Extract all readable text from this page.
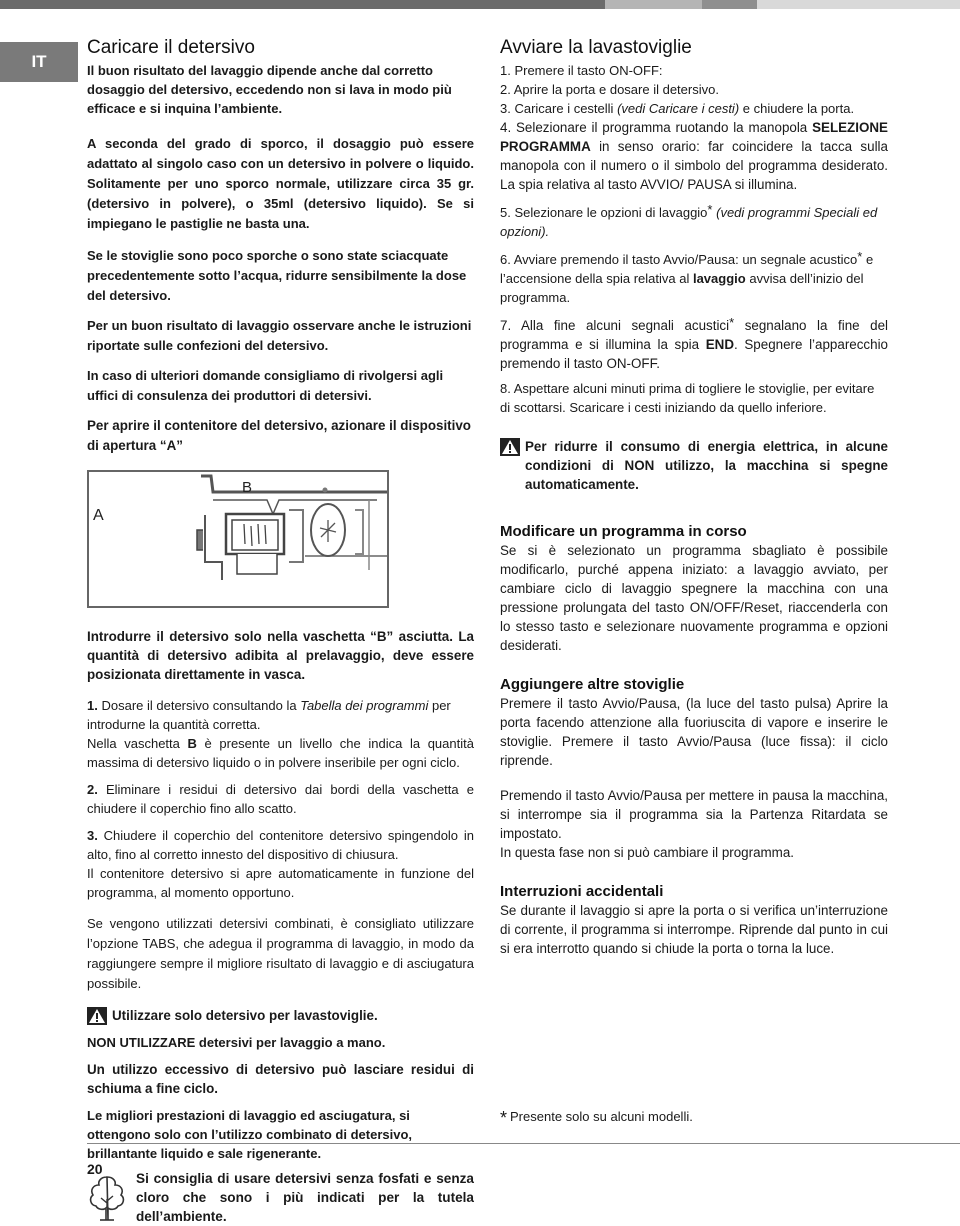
IT
Caricare il detersivo

Il buon risultato del lavaggio dipende anche dal corretto dosaggio del detersivo, eccedendo non si lava in modo più efficace e si inquina l’ambiente.

A seconda del grado di sporco, il dosaggio può essere adattato al singolo caso con un detersivo in polvere o liquido. Solitamente per uno sporco normale, utilizzare circa 35 gr. (detersivo in polvere), o 35ml (detersivo liquido). Se si impiegano le pastiglie ne basta una.

Se le stoviglie sono poco sporche o sono state sciacquate precedentemente sotto l’acqua, ridurre sensibilmente la dose del detersivo.

Per un buon risultato di lavaggio osservare anche le istruzioni riportate sulle confezioni del detersivo.

In caso di ulteriori domande consigliamo di rivolgersi agli uffici di consulenza dei produttori di detersivi.

Per aprire il contenitore del detersivo, azionare il dispositivo di apertura “A”

A
B

Introdurre il detersivo solo nella vaschetta “B” asciutta. La quantità di detersivo adibita al prelavaggio, deve essere posizionata direttamente in vasca.

1. Dosare il detersivo consultando la Tabella dei programmi per introdurne la quantità corretta.

Nella vaschetta B è presente un livello che indica la quantità massima di detersivo liquido o in polvere inseribile per ogni ciclo.

2. Eliminare i residui di detersivo dai bordi della vaschetta e chiudere il coperchio fino allo scatto.

3. Chiudere il coperchio del contenitore detersivo spingendolo in alto, fino al corretto innesto del dispositivo di chiusura.

Il contenitore detersivo si apre automaticamente in funzione del programma, al momento opportuno.

Se vengono utilizzati detersivi combinati, è consigliato utilizzare l’opzione TABS, che adegua il programma di lavaggio, in modo da raggiungere sempre il migliore risultato di lavaggio e di asciugatura possibile.

Utilizzare solo detersivo per lavastoviglie.

NON UTILIZZARE detersivi per lavaggio a mano.

Un utilizzo eccessivo di detersivo può lasciare residui di schiuma a fine ciclo.

Le migliori prestazioni di lavaggio ed asciugatura, si ottengono solo con l’utilizzo combinato di detersivo, brillantante liquido e sale rigenerante.

Si consiglia di usare detersivi senza fosfati e senza cloro che sono i più indicati per la tutela dell’ambiente.

Avviare la lavastoviglie

1. Premere il tasto ON-OFF:

2. Aprire la porta e dosare il detersivo.

3. Caricare i cestelli (vedi Caricare i cesti) e chiudere la porta.

4. Selezionare il programma ruotando la manopola SELEZIONE PROGRAMMA in senso orario: far coincidere la tacca sulla manopola con il numero o il simbolo del programma desiderato. La spia relativa al tasto AVVIO/ PAUSA si illumina.

5. Selezionare le opzioni di lavaggio* (vedi programmi Speciali ed opzioni).

6. Avviare premendo il tasto Avvio/Pausa: un segnale acustico* e l’accensione della spia relativa al lavaggio avvisa dell’inizio del programma.

7. Alla fine alcuni segnali acustici* segnalano la fine del programma e si illumina la spia END. Spegnere l’apparecchio premendo il tasto ON-OFF.

8. Aspettare alcuni minuti prima di togliere le stoviglie, per evitare di scottarsi. Scaricare i cesti iniziando da quello inferiore.

Per ridurre il consumo di energia elettrica, in alcune condizioni di NON utilizzo, la macchina si spegne automaticamente.

Modificare un programma in corso

Se si è selezionato un programma sbagliato è possibile modificarlo, purché appena iniziato: a lavaggio avviato, per cambiare ciclo di lavaggio spegnere la macchina con una pressione prolungata del tasto ON/OFF/Reset, riaccenderla con lo stesso tasto e selezionare nuovamente programma e opzioni desiderati.

Aggiungere altre stoviglie

Premere il tasto Avvio/Pausa, (la luce del tasto pulsa) Aprire la porta facendo attenzione alla fuoriuscita di vapore e inserire le stoviglie. Premere il tasto Avvio/Pausa (luce fissa): il ciclo riprende.

Premendo il tasto Avvio/Pausa per mettere in pausa la macchina, si interrompe sia il programma sia la Partenza Ritardata se impostato.

In questa fase non si può cambiare il programma.

Interruzioni accidentali

Se durante il lavaggio si apre la porta o si verifica un’interruzione di corrente, il programma si interrompe. Riprende dal punto in cui si era interrotto quando si chiude la porta o torna la luce.

* Presente solo su alcuni modelli.
20
